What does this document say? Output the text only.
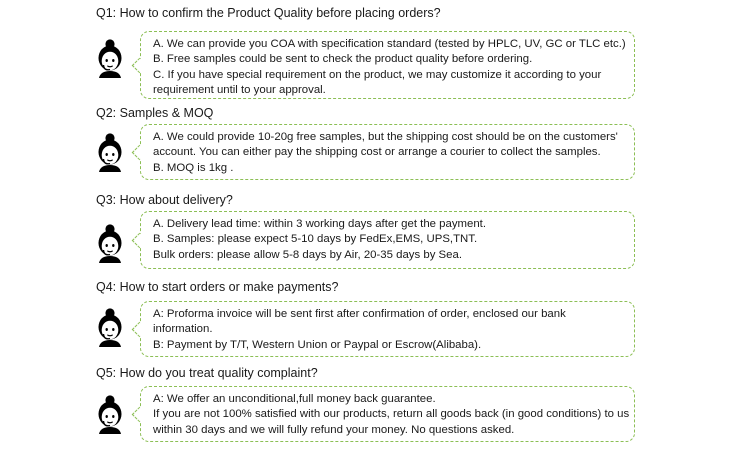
Q1: How to confirm the Product Quality before placing orders?
A. We can provide you COA with specification standard (tested by HPLC, UV, GC or TLC etc.)
B. Free samples could be sent to check the product quality before ordering.
C. If you have special requirement on the product, we may customize it according to your
requirement until to your approval.
Q2: Samples & MOQ
A. We could provide 10-20g free samples, but the shipping cost should be on the customers'
account. You can either pay the shipping cost or arrange a courier to collect the samples.
B. MOQ is 1kg .
Q3: How about delivery?
A. Delivery lead time: within 3 working days after get the payment.
B. Samples: please expect 5-10 days by FedEx,EMS, UPS,TNT.
Bulk orders: please allow 5-8 days by Air, 20-35 days by Sea.
Q4: How to start orders or make payments?
A: Proforma invoice will be sent first after confirmation of order, enclosed our bank
information.
B: Payment by T/T, Western Union or Paypal or Escrow(Alibaba).
Q5: How do you treat quality complaint?
A: We offer an unconditional,full money back guarantee.
If you are not 100% satisfied with our products, return all goods back (in good conditions) to us
within 30 days and we will fully refund your money. No questions asked.
